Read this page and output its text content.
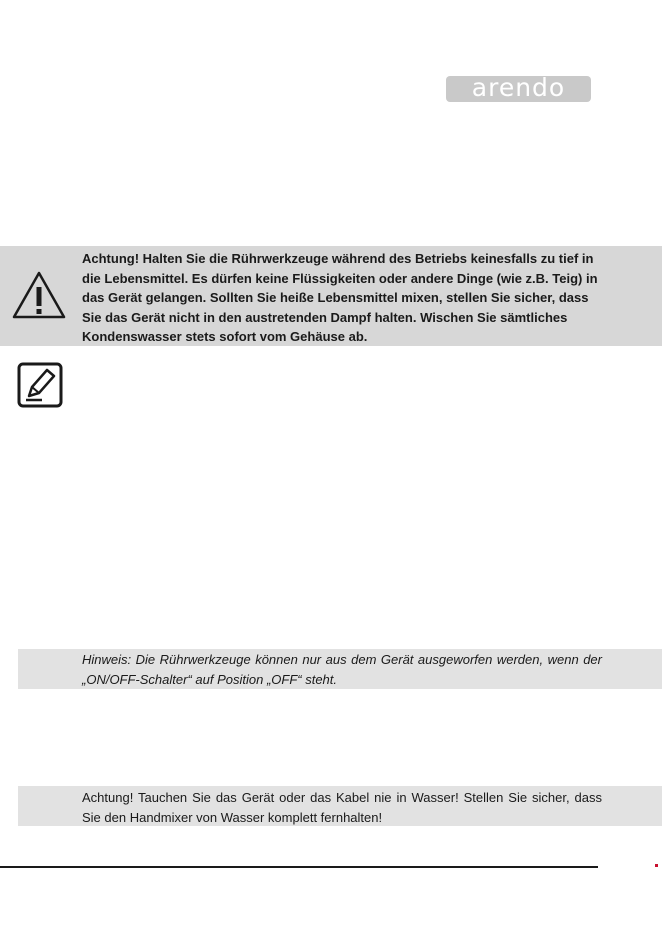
arendo

Achtung! Halten Sie die Rührwerkzeuge während des Betriebs keinesfalls zu tief in die Lebensmittel. Es dürfen keine Flüssigkeiten oder andere Dinge (wie z.B. Teig) in das Gerät gelangen. Sollten Sie heiße Lebensmittel mixen, stellen Sie sicher, dass Sie das Gerät nicht in den austretenden Dampf halten. Wischen Sie sämtliches Kondenswasser stets sofort vom Gehäuse ab.

Hinweis: Die Rührwerkzeuge können nur aus dem Gerät ausgeworfen werden, wenn der „ON/OFF-Schalter“ auf Position „OFF“ steht.

Achtung! Tauchen Sie das Gerät oder das Kabel nie in Wasser! Stellen Sie sicher, dass Sie den Handmixer von Wasser komplett fernhalten!
